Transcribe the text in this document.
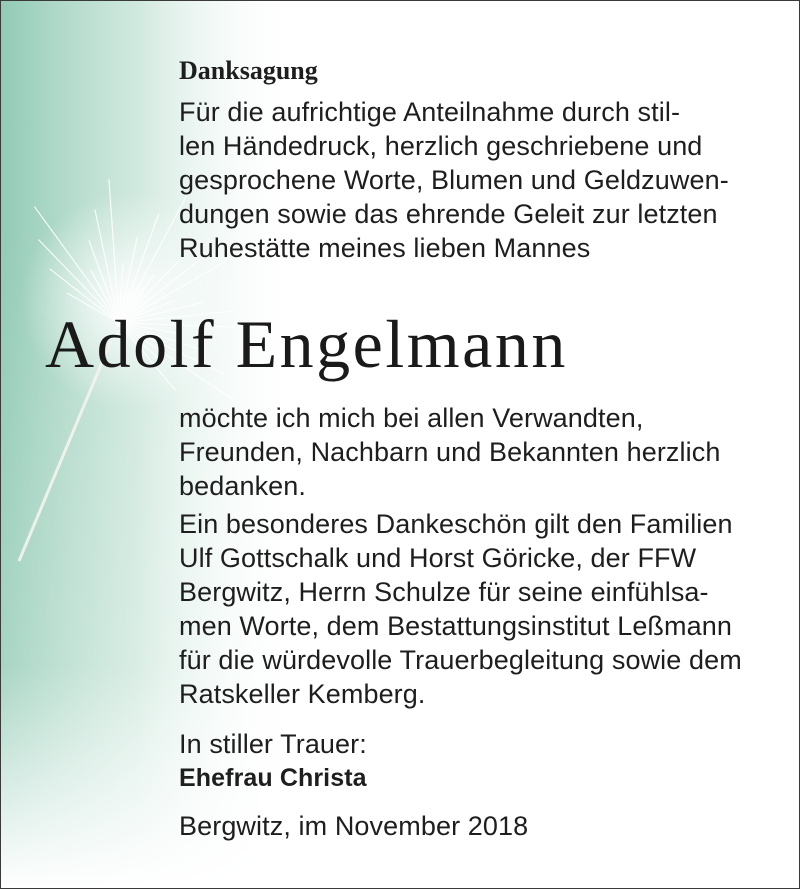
Danksagung
Für die aufrichtige Anteilnahme durch stil-
len Händedruck, herzlich geschriebene und
gesprochene Worte, Blumen und Geldzuwen-
dungen sowie das ehrende Geleit zur letzten
Ruhestätte meines lieben Mannes
Adolf Engelmann
möchte ich mich bei allen Verwandten,
Freunden, Nachbarn und Bekannten herzlich
bedanken.
Ein besonderes Dankeschön gilt den Familien
Ulf Gottschalk und Horst Göricke, der FFW
Bergwitz, Herrn Schulze für seine einfühlsa-
men Worte, dem Bestattungsinstitut Leßmann
für die würdevolle Trauerbegleitung sowie dem
Ratskeller Kemberg.
In stiller Trauer:
Ehefrau Christa
Bergwitz, im November 2018
